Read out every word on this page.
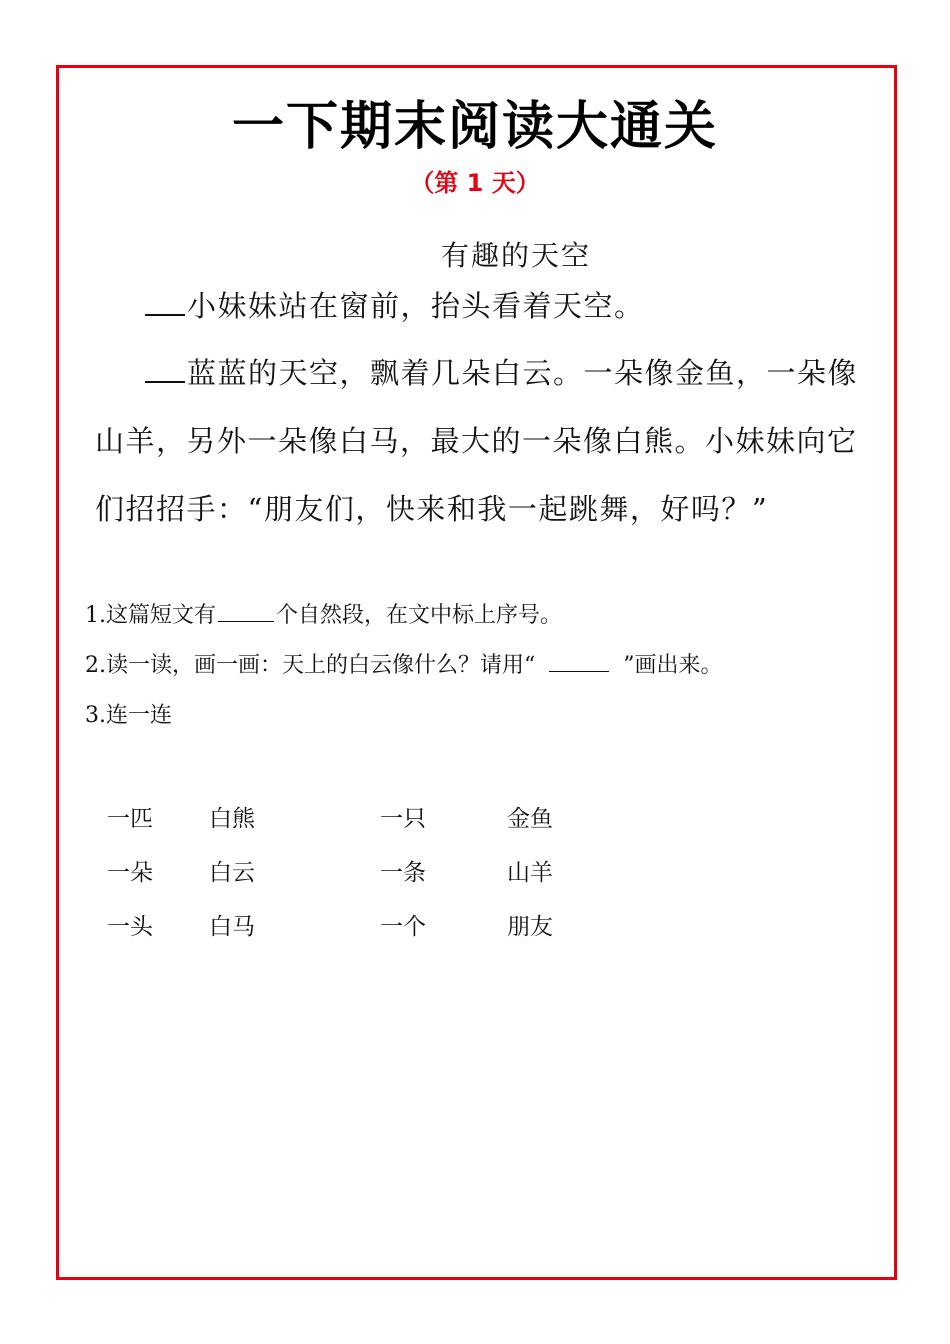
一下期末阅读大通关
（第 1 天）
有趣的天空

小妹妹站在窗前，抬头看着天空。

蓝蓝的天空，飘着几朵白云。一朵像金鱼，一朵像山羊，另外一朵像白马，最大的一朵像白熊。小妹妹向它们招招手：“朋友们，快来和我一起跳舞，好吗？”

1.这篇短文有	个自然段，在文中标上序号。
2.读一读，画一画：天上的白云像什么？请用“	”画出来。
3.连一连
一匹 白熊	一只	金鱼
一朵 白云	一条	山羊
一头 白马	一个	朋友
